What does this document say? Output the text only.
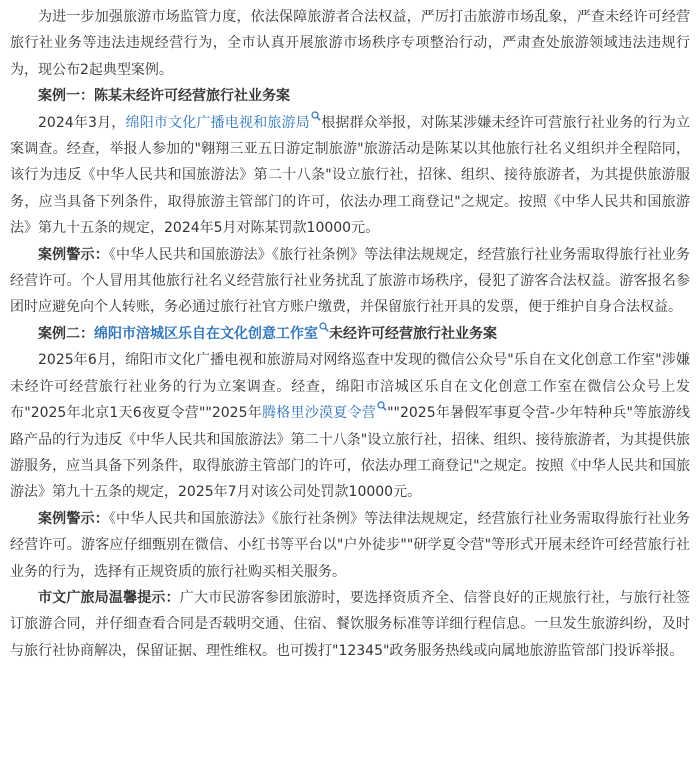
为进一步加强旅游市场监管力度，依法保障旅游者合法权益，严厉打击旅游市场乱象，严查未经许可经营旅行社业务等违法违规经营行为，全市认真开展旅游市场秩序专项整治行动，严肃查处旅游领域违法违规行为，现公布2起典型案例。

案例一：陈某未经许可经营旅行社业务案

2024年3月，绵阳市文化广播电视和旅游局 根据群众举报，对陈某涉嫌未经许可营旅行社业务的行为立案调查。经查，举报人参加的"翱翔三亚五日游定制旅游"旅游活动是陈某以其他旅行社名义组织并全程陪同，该行为违反《中华人民共和国旅游法》第二十八条"设立旅行社，招徕、组织、接待旅游者，为其提供旅游服务，应当具备下列条件，取得旅游主管部门的许可，依法办理工商登记"之规定。按照《中华人民共和国旅游法》第九十五条的规定，2024年5月对陈某罚款10000元。

案例警示：《中华人民共和国旅游法》《旅行社条例》等法律法规规定，经营旅行社业务需取得旅行社业务经营许可。个人冒用其他旅行社名义经营旅行社业务扰乱了旅游市场秩序，侵犯了游客合法权益。游客报名参团时应避免向个人转账，务必通过旅行社官方账户缴费，并保留旅行社开具的发票，便于维护自身合法权益。

案例二：绵阳市涪城区乐自在文化创意工作室 未经许可经营旅行社业务案

2025年6月，绵阳市文化广播电视和旅游局对网络巡查中发现的微信公众号"乐自在文化创意工作室"涉嫌未经许可经营旅行社业务的行为立案调查。经查，绵阳市涪城区乐自在文化创意工作室在微信公众号上发布"2025年北京1天6夜夏令营""2025年腾格里沙漠夏令营 ""2025年暑假军事夏令营-少年特种兵"等旅游线路产品的行为违反《中华人民共和国旅游法》第二十八条"设立旅行社，招徕、组织、接待旅游者，为其提供旅游服务，应当具备下列条件，取得旅游主管部门的许可，依法办理工商登记"之规定。按照《中华人民共和国旅游法》第九十五条的规定，2025年7月对该公司处罚款10000元。

案例警示：《中华人民共和国旅游法》《旅行社条例》等法律法规规定，经营旅行社业务需取得旅行社业务经营许可。游客应仔细甄别在微信、小红书等平台以"户外徒步""研学夏令营"等形式开展未经许可经营旅行社业务的行为，选择有正规资质的旅行社购买相关服务。

市文广旅局温馨提示：广大市民游客参团旅游时，要选择资质齐全、信誉良好的正规旅行社，与旅行社签订旅游合同，并仔细查看合同是否载明交通、住宿、餐饮服务标准等详细行程信息。一旦发生旅游纠纷，及时与旅行社协商解决，保留证据、理性维权。也可拨打"12345"政务服务热线或向属地旅游监管部门投诉举报。
